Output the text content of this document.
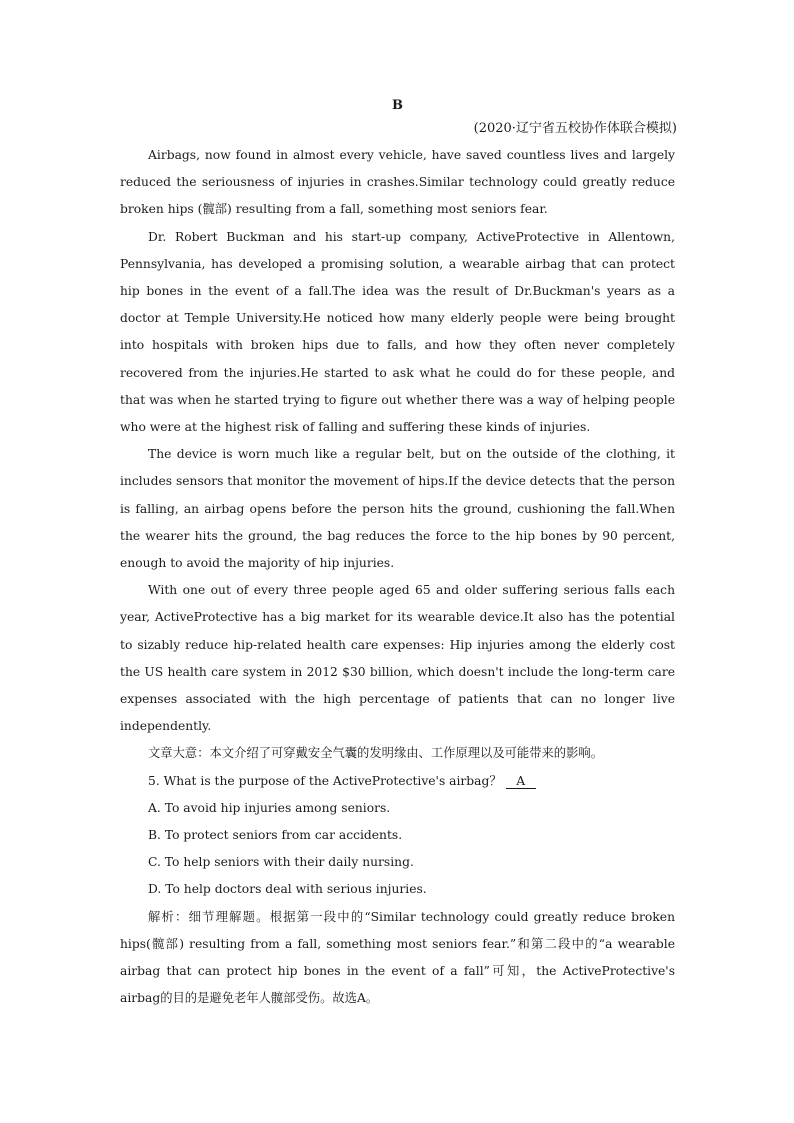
B
(2020·辽宁省五校协作体联合模拟)

Airbags, now found in almost every vehicle, have saved countless lives and largely reduced the seriousness of injuries in crashes.Similar technology could greatly reduce broken hips (髋部) resulting from a fall, something most seniors fear.

Dr. Robert Buckman and his start-up company, ActiveProtective in Allentown, Pennsylvania, has developed a promising solution, a wearable airbag that can protect hip bones in the event of a fall.The idea was the result of Dr.Buckman's years as a doctor at Temple University.He noticed how many elderly people were being brought into hospitals with broken hips due to falls, and how they often never completely recovered from the injuries.He started to ask what he could do for these people, and that was when he started trying to figure out whether there was a way of helping people who were at the highest risk of falling and suffering these kinds of injuries.

The device is worn much like a regular belt, but on the outside of the clothing, it includes sensors that monitor the movement of hips.If the device detects that the person is falling, an airbag opens before the person hits the ground, cushioning the fall.When the wearer hits the ground, the bag reduces the force to the hip bones by 90 percent, enough to avoid the majority of hip injuries.

With one out of every three people aged 65 and older suffering serious falls each year, ActiveProtective has a big market for its wearable device.It also has the potential to sizably reduce hip-related health care expenses: Hip injuries among the elderly cost the US health care system in 2012 $30 billion, which doesn't include the long-term care expenses associated with the high percentage of patients that can no longer live independently.

文章大意：本文介绍了可穿戴安全气囊的发明缘由、工作原理以及可能带来的影响。

5. What is the purpose of the ActiveProtective's airbag？ A

A. To avoid hip injuries among seniors.

B. To protect seniors from car accidents.

C. To help seniors with their daily nursing.

D. To help doctors deal with serious injuries.

解析：细节理解题。根据第一段中的“Similar technology could greatly reduce broken hips(髋部) resulting from a fall, something most seniors fear.”和第二段中的“a wearable airbag that can protect hip bones in the event of a fall”可知，the ActiveProtective's airbag的目的是避免老年人髋部受伤。故选A。
